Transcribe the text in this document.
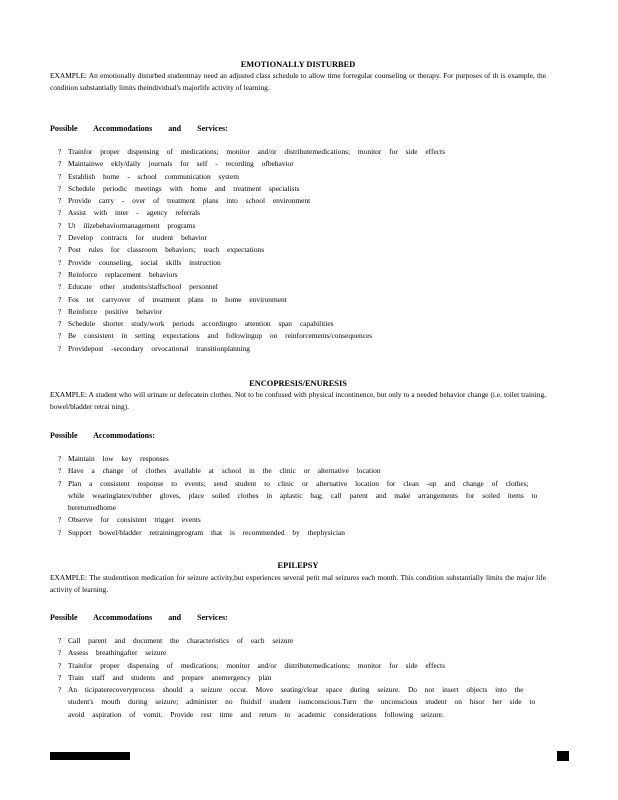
EMOTIONALLY DISTURBED
EXAMPLE: An emotionally disturbed studentmay need an adjusted class schedule to allow time forregular counseling or therapy. For purposes of th is example, the condition substantially limits theindividual's majorlife activity of learning.
Possible Accommodations and Services:
? Trainfor proper dispensing of medications; monitor and/or distributemedications; monitor for side effects
? Maintainwe ekly/daily journals for self - recording ofbehavior
? Establish home - school communication system
? Schedule periodic meetings with home and treatment specialists
? Provide carry - over of treatment plans into school environment
? Assist with inter - agency referrals
? Ut ilizebehaviormanagement programs
? Develop contracts for student behavior
? Post rules for classroom behaviors; teach expectations
? Provide counseling, social skills instruction
? Reinforce replacement behaviors
? Educate other students/staffschool personnel
? Fos ter carryover of treatment plans to home environment
? Reinforce positive behavior
? Schedule shorter study/work periods accordingto attention span capabilities
? Be consistent in setting expectations and followingup on reinforcements/consequences
? Providepost -secondary orvocational transitionplanning
ENCOPRESIS/ENURESIS
EXAMPLE: A student who will urinate or defecatein clothes. Not to be confused with physical incontinence, but only to a needed behavior change (i.e. toilet training, bowel/bladder retrai ning).
Possible Accommodations:
? Maintain low key responses
? Have a change of clothes available at school in the clinic or alternative location
? Plan a consistent response to events; send student to clinic or alternative location for clean -up and change of clothes; while wearinglatex/rubber gloves, place soiled clothes in aplastic bag; call parent and make arrangements for soiled items to bereturnedhome
? Observe for consistent trigger events
? Support bowel/bladder retrainingprogram that is recommended by thephysician
EPILEPSY
EXAMPLE: The studenttison medication for seizure activity,but experiences several petit mal seizures each month. This condition substantially limits the major life activity of learning.
Possible Accommodations and Services:
? Call parent and document the characteristics of each seizure
? Assess breathingafter seizure
? Trainfor proper dispensing of medications; monitor and/or distributemedications; monitor for side effects
? Train staff and students and prepare anemergency plan
? An ticipaterecoveryprocess should a seizure occur. Move seating/clear space during seizure. Do not insert objects into the student's mouth during seizure; administer no fluidsif student isunconscious.Turn the unconscious student on hisor her side to avoid aspiration of vomit. Provide rest time and return to academic considerations following seizure.
